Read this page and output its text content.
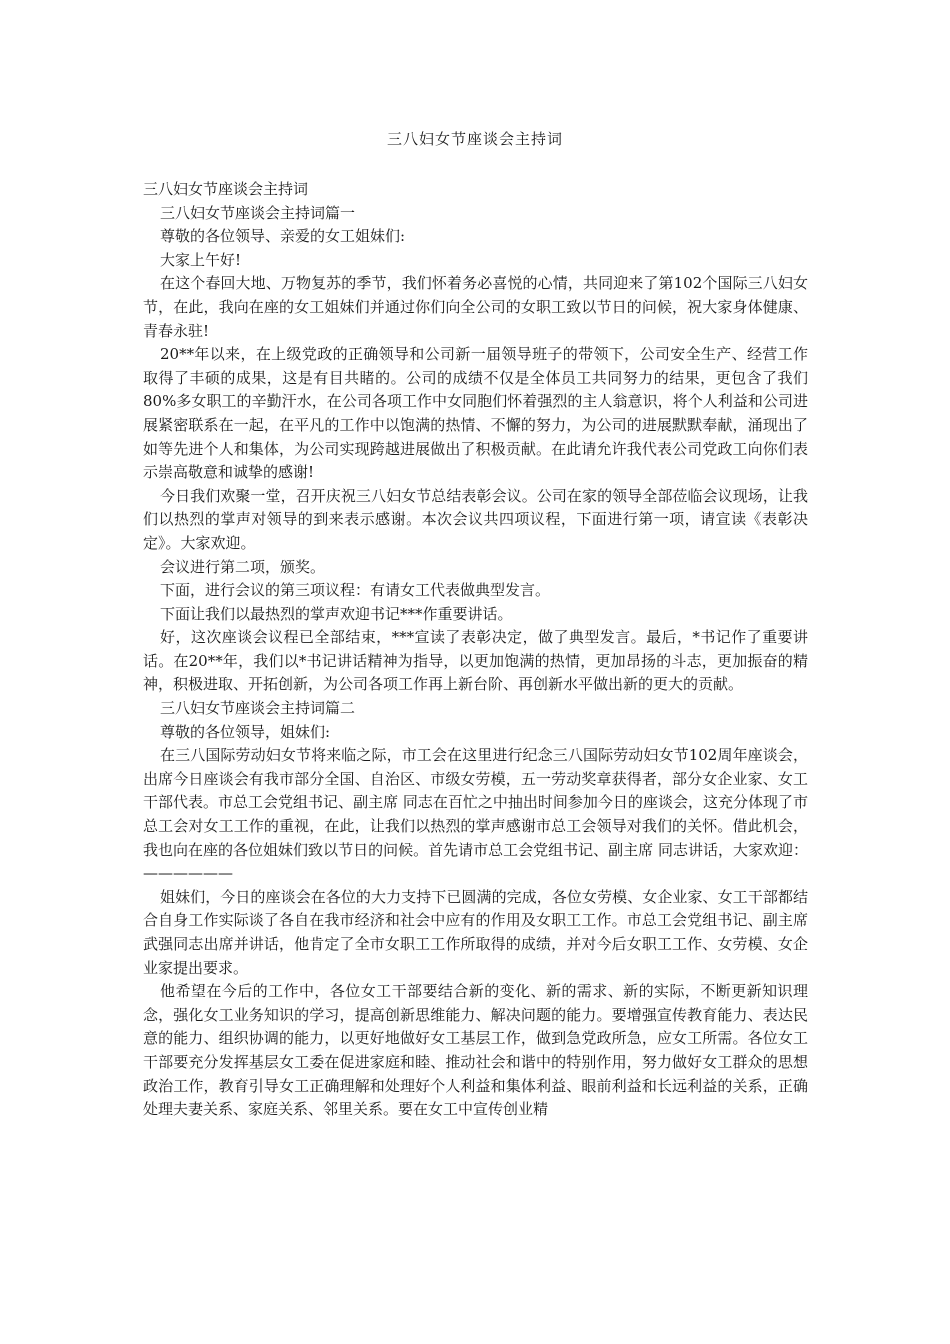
三八妇女节座谈会主持词

三八妇女节座谈会主持词

三八妇女节座谈会主持词篇一

尊敬的各位领导、亲爱的女工姐妹们:

大家上午好!

在这个春回大地、万物复苏的季节，我们怀着务必喜悦的心情，共同迎来了第102个国际三八妇女节，在此，我向在座的女工姐妹们并通过你们向全公司的女职工致以节日的问候，祝大家身体健康、青春永驻!

20**年以来，在上级党政的正确领导和公司新一届领导班子的带领下，公司安全生产、经营工作取得了丰硕的成果，这是有目共睹的。公司的成绩不仅是全体员工共同努力的结果，更包含了我们80%多女职工的辛勤汗水，在公司各项工作中女同胞们怀着强烈的主人翁意识，将个人利益和公司进展紧密联系在一起，在平凡的工作中以饱满的热情、不懈的努力，为公司的进展默默奉献，涌现出了如等先进个人和集体，为公司实现跨越进展做出了积极贡献。在此请允许我代表公司党政工向你们表示崇高敬意和诚挚的感谢!

今日我们欢聚一堂，召开庆祝三八妇女节总结表彰会议。公司在家的领导全部莅临会议现场，让我们以热烈的掌声对领导的到来表示感谢。本次会议共四项议程，下面进行第一项，请宣读《表彰决定》。大家欢迎。

会议进行第二项，颁奖。

下面，进行会议的第三项议程：有请女工代表做典型发言。

下面让我们以最热烈的掌声欢迎书记***作重要讲话。

好，这次座谈会议程已全部结束，***宣读了表彰决定，做了典型发言。最后，*书记作了重要讲话。在20**年，我们以*书记讲话精神为指导，以更加饱满的热情，更加昂扬的斗志，更加振奋的精神，积极进取、开拓创新，为公司各项工作再上新台阶、再创新水平做出新的更大的贡献。

三八妇女节座谈会主持词篇二

尊敬的各位领导，姐妹们:

在三八国际劳动妇女节将来临之际，市工会在这里进行纪念三八国际劳动妇女节102周年座谈会，出席今日座谈会有我市部分全国、自治区、市级女劳模，五一劳动奖章获得者，部分女企业家、女工干部代表。市总工会党组书记、副主席 同志在百忙之中抽出时间参加今日的座谈会，这充分体现了市总工会对女工工作的重视，在此，让我们以热烈的掌声感谢市总工会领导对我们的关怀。借此机会，我也向在座的各位姐妹们致以节日的问候。首先请市总工会党组书记、副主席 同志讲话，大家欢迎： ——————

姐妹们，今日的座谈会在各位的大力支持下已圆满的完成，各位女劳模、女企业家、女工干部都结合自身工作实际谈了各自在我市经济和社会中应有的作用及女职工工作。市总工会党组书记、副主席武强同志出席并讲话，他肯定了全市女职工工作所取得的成绩，并对今后女职工工作、女劳模、女企业家提出要求。

他希望在今后的工作中，各位女工干部要结合新的变化、新的需求、新的实际，不断更新知识理念，强化女工业务知识的学习，提高创新思维能力、解决问题的能力。要增强宣传教育能力、表达民意的能力、组织协调的能力，以更好地做好女工基层工作，做到急党政所急，应女工所需。各位女工干部要充分发挥基层女工委在促进家庭和睦、推动社会和谐中的特别作用，努力做好女工群众的思想政治工作，教育引导女工正确理解和处理好个人利益和集体利益、眼前利益和长远利益的关系，正确处理夫妻关系、家庭关系、邻里关系。要在女工中宣传创业精
